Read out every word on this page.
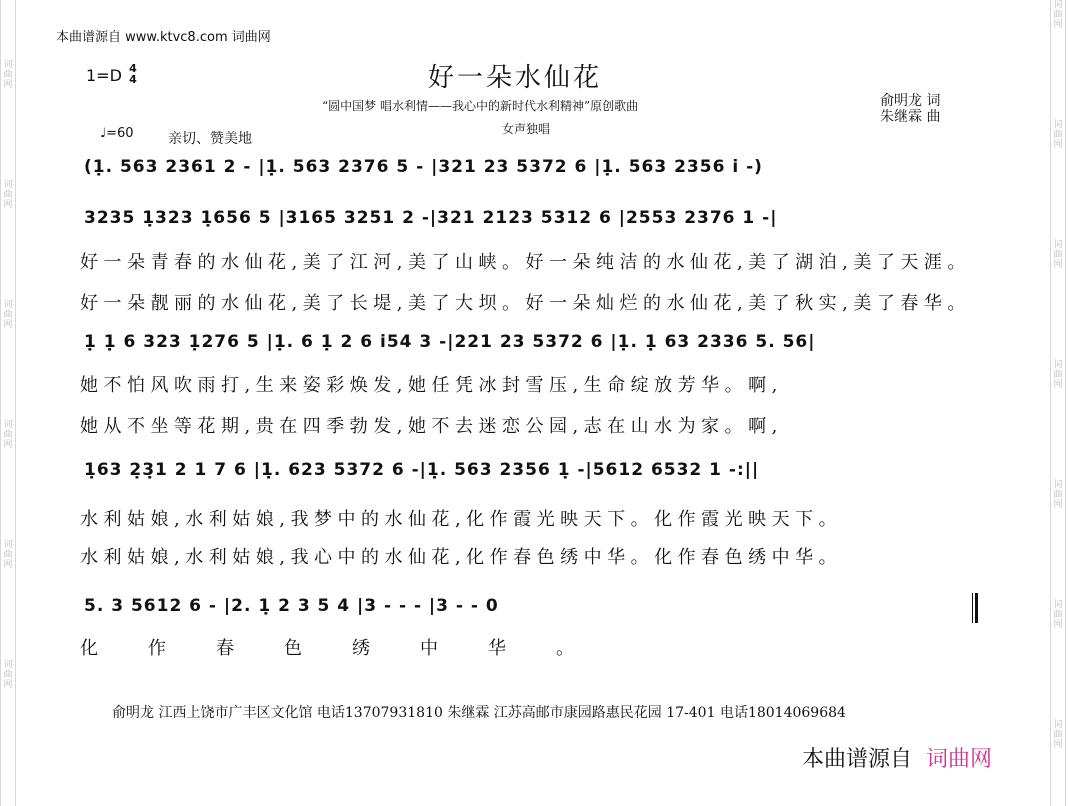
词曲网
词曲网
词曲网
词曲网
词曲网
词曲网
词曲网
词曲网
词曲网
词曲网
词曲网
词曲网
词曲网
本曲谱源自 www.ktvc8.com 词曲网
1=D 4
4	好一朵水仙花
“圆中国梦 唱水利情——我心中的新时代水利精神”原创歌曲
女声独唱
俞明龙 词
朱继霖 曲
♩=60 亲切、赞美地
(1̣. 563 2361 2 - |1̣. 563 2376 5 - |321 23 5372 6 |1̣. 563 2356 i -)
3235 1̣323 1̣656 5 |3165 3251 2 -|321 2123 5312 6 |2553 2376 1 -|
好一朵青春的水仙花,美了江河,美了山峡。好一朵纯洁的水仙花,美了湖泊,美了天涯。
好一朵靓丽的水仙花,美了长堤,美了大坝。好一朵灿烂的水仙花,美了秋实,美了春华。
1̣ 1̣ 6 323 1̣276 5 |1̣. 6 1̣ 2 6 i̇54 3 -|221 23 5372 6 |1̣. 1̣ 63 2336 5. 56|
她不怕风吹雨打,生来姿彩焕发,她任凭冰封雪压,生命绽放芳华。啊,
她从不坐等花期,贵在四季勃发,她不去迷恋公园,志在山水为家。啊,
1̣63 2̣3̣1 2 1 7 6 |1̣. 623 5372 6 -|1̣. 563 2356 1̣ -|5612 6532 1 -:||
水利姑娘,水利姑娘,我梦中的水仙花,化作霞光映天下。化作霞光映天下。
水利姑娘,水利姑娘,我心中的水仙花,化作春色绣中华。化作春色绣中华。
5. 3 5612 6 - |2. 1̣ 2 3 5 4 |3 - - - |3 - - 0
化作春色绣中华。
俞明龙 江西上饶市广丰区文化馆 电话13707931810 朱继霖 江苏高邮市康园路惠民花园 17-401 电话18014069684
本曲谱源自 词曲网
